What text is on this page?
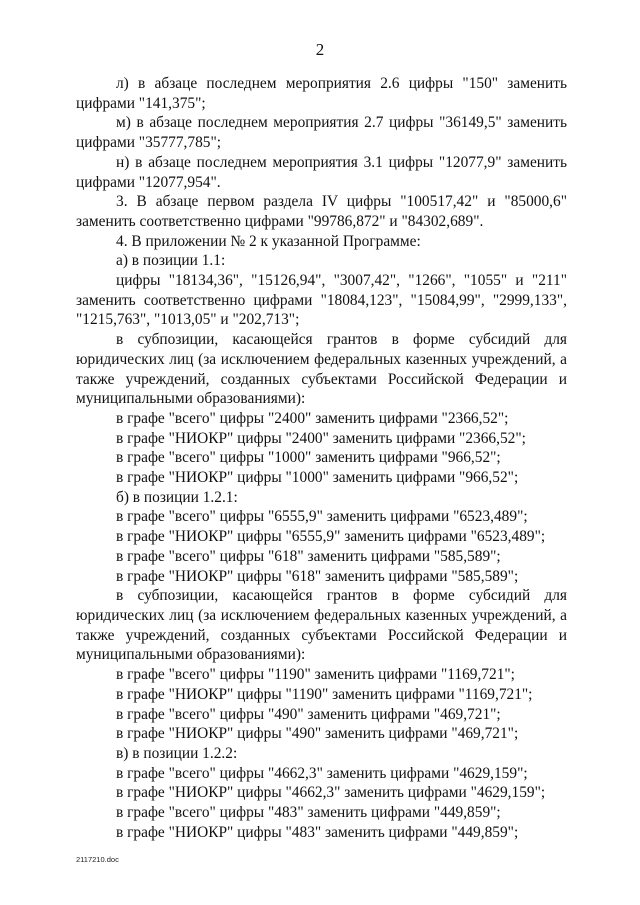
2

л) в абзаце последнем мероприятия 2.6 цифры "150" заменить цифрами "141,375";

м) в абзаце последнем мероприятия 2.7 цифры "36149,5" заменить цифрами "35777,785";

н) в абзаце последнем мероприятия 3.1 цифры "12077,9" заменить цифрами "12077,954".

3. В абзаце первом раздела IV цифры "100517,42" и "85000,6" заменить соответственно цифрами "99786,872" и "84302,689".

4. В приложении № 2 к указанной Программе:

а) в позиции 1.1:

цифры "18134,36", "15126,94", "3007,42", "1266", "1055" и "211" заменить соответственно цифрами "18084,123", "15084,99", "2999,133", "1215,763", "1013,05" и "202,713";

в субпозиции, касающейся грантов в форме субсидий для юридических лиц (за исключением федеральных казенных учреждений, а также учреждений, созданных субъектами Российской Федерации и муниципальными образованиями):

в графе "всего" цифры "2400" заменить цифрами "2366,52";

в графе "НИОКР" цифры "2400" заменить цифрами "2366,52";

в графе "всего" цифры "1000" заменить цифрами "966,52";

в графе "НИОКР" цифры "1000" заменить цифрами "966,52";

б) в позиции 1.2.1:

в графе "всего" цифры "6555,9" заменить цифрами "6523,489";

в графе "НИОКР" цифры "6555,9" заменить цифрами "6523,489";

в графе "всего" цифры "618" заменить цифрами "585,589";

в графе "НИОКР" цифры "618" заменить цифрами "585,589";

в субпозиции, касающейся грантов в форме субсидий для юридических лиц (за исключением федеральных казенных учреждений, а также учреждений, созданных субъектами Российской Федерации и муниципальными образованиями):

в графе "всего" цифры "1190" заменить цифрами "1169,721";

в графе "НИОКР" цифры "1190" заменить цифрами "1169,721";

в графе "всего" цифры "490" заменить цифрами "469,721";

в графе "НИОКР" цифры "490" заменить цифрами "469,721";

в) в позиции 1.2.2:

в графе "всего" цифры "4662,3" заменить цифрами "4629,159";

в графе "НИОКР" цифры "4662,3" заменить цифрами "4629,159";

в графе "всего" цифры "483" заменить цифрами "449,859";

в графе "НИОКР" цифры "483" заменить цифрами "449,859";

2117210.doc
